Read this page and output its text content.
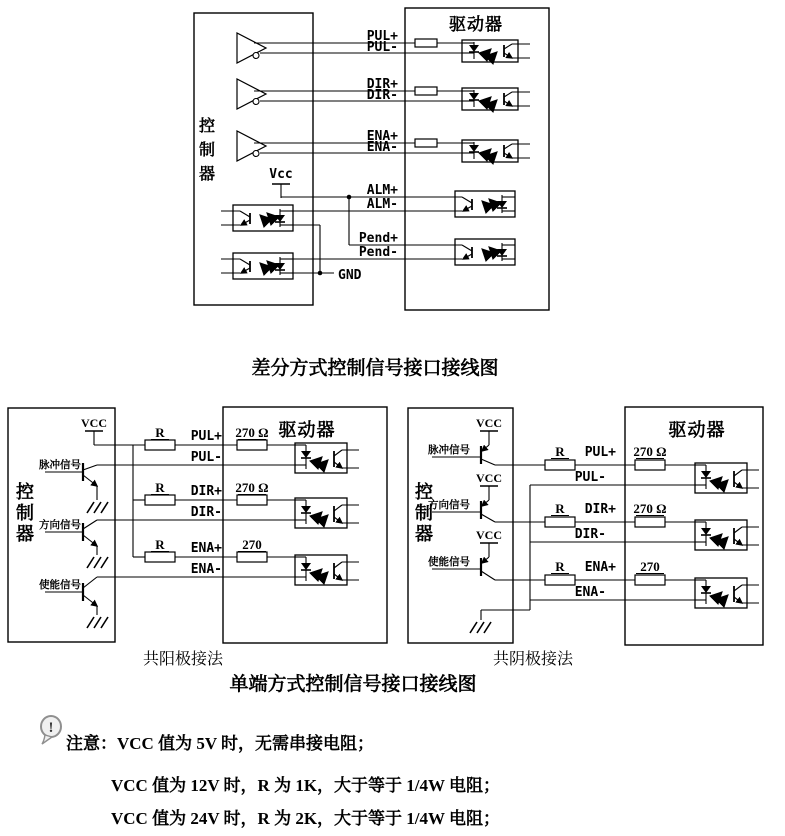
控
制
器
驱动器
Vcc
GND
PUL+
PUL-
DIR+
DIR-
ENA+
ENA-
ALM+
ALM-
Pend+
Pend-
控
制
器
驱动器
VCC
R
R
R
270 Ω
270 Ω
270
PUL+
PUL-
DIR+
DIR-
ENA+
ENA-
脉冲信号
方向信号
使能信号
控
制
器
驱动器
VCC
脉冲信号
VCC
方向信号
VCC
使能信号
R
R
R
270 Ω
270 Ω
270
PUL+
PUL-
DIR+
DIR-
ENA+
ENA-
差分方式控制信号接口接线图
共阳极接法	共阴极接法
单端方式控制信号接口接线图
!
注意：VCC 值为 5V 时，无需串接电阻；
VCC 值为 12V 时，R 为 1K，大于等于 1/4W 电阻；
VCC 值为 24V 时，R 为 2K，大于等于 1/4W 电阻；
